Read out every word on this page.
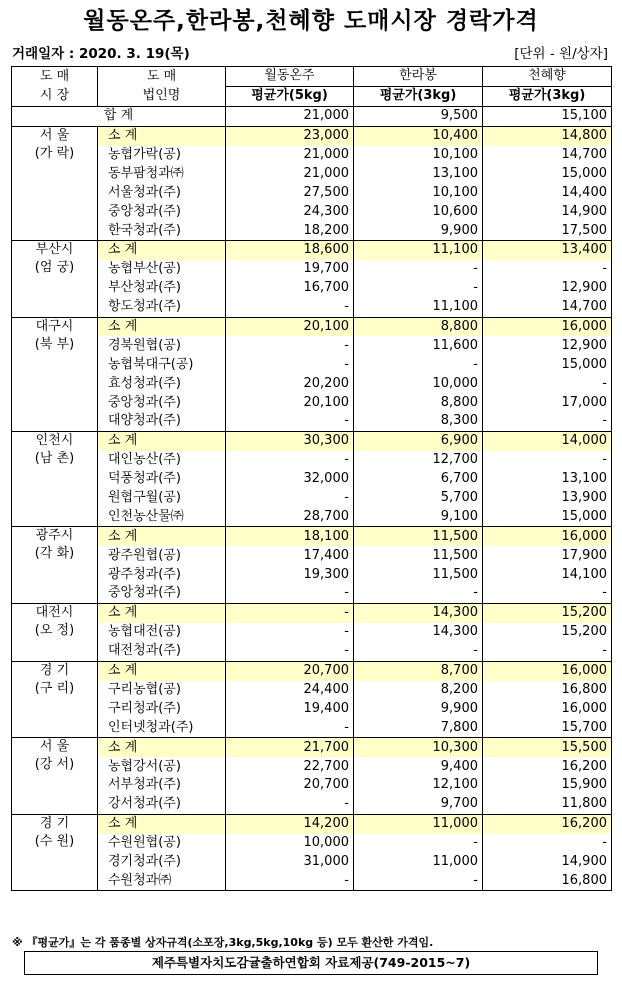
월동온주,한라봉,천혜향 도매시장 경락가격
거래일자 : 2020. 3. 19(목)	[단위 - 원/상자]
도 매	도 매	월동온주	한라봉	천혜향
시 장	법인명	평균가(5kg)	평균가(3kg)	평균가(3kg)
합 계		21,000	9,500	15,100

서 울
(가 락)	소 계	23,000	10,400	14,800
	농협가락(공)	21,000	10,100	14,700
	동부팜청과㈜	21,000	13,100	15,000
	서울청과(주)	27,500	10,100	14,400
	중앙청과(주)	24,300	10,600	14,900
	한국청과(주)	18,200	9,900	17,500

부산시
(엄 궁)	소 계	18,600	11,100	13,400
	농협부산(공)	19,700	-	-
	부산청과(주)	16,700	-	12,900
	항도청과(주)	-	11,100	14,700

대구시
(북 부)	소 계	20,100	8,800	16,000
	경북원협(공)	-	11,600	12,900
	농협북대구(공)	-	-	15,000
	효성청과(주)	20,200	10,000	-
	중앙청과(주)	20,100	8,800	17,000
	대양청과(주)	-	8,300	-

인천시
(남 촌)	소 계	30,300	6,900	14,000
	대인농산(주)	-	12,700	-
	덕풍청과(주)	32,000	6,700	13,100
	원협구월(공)	-	5,700	13,900
	인천농산물㈜	28,700	9,100	15,000

광주시
(각 화)	소 계	18,100	11,500	16,000
	광주원협(공)	17,400	11,500	17,900
	광주청과(주)	19,300	11,500	14,100
	중앙청과(주)	-	-	-

대전시
(오 정)	소 계	-	14,300	15,200
	농협대전(공)	-	14,300	15,200
	대전청과(주)	-	-	-

경 기
(구 리)	소 계	20,700	8,700	16,000
	구리농협(공)	24,400	8,200	16,800
	구리청과(주)	19,400	9,900	16,000
	인터넷청과(주)	-	7,800	15,700

서 울
(강 서)	소 계	21,700	10,300	15,500
	농협강서(공)	22,700	9,400	16,200
	서부청과(주)	20,700	12,100	15,900
	강서청과(주)	-	9,700	11,800

경 기
(수 원)	소 계	14,200	11,000	16,200
	수원원협(공)	10,000	-	-
	경기청과(주)	31,000	11,000	14,900
	수원청과㈜	-	-	16,800
※ 『평균가』는 각 품종별 상자규격(소포장,3kg,5kg,10kg 등) 모두 환산한 가격임.
제주특별자치도감귤출하연합회 자료제공(749-2015~7)
